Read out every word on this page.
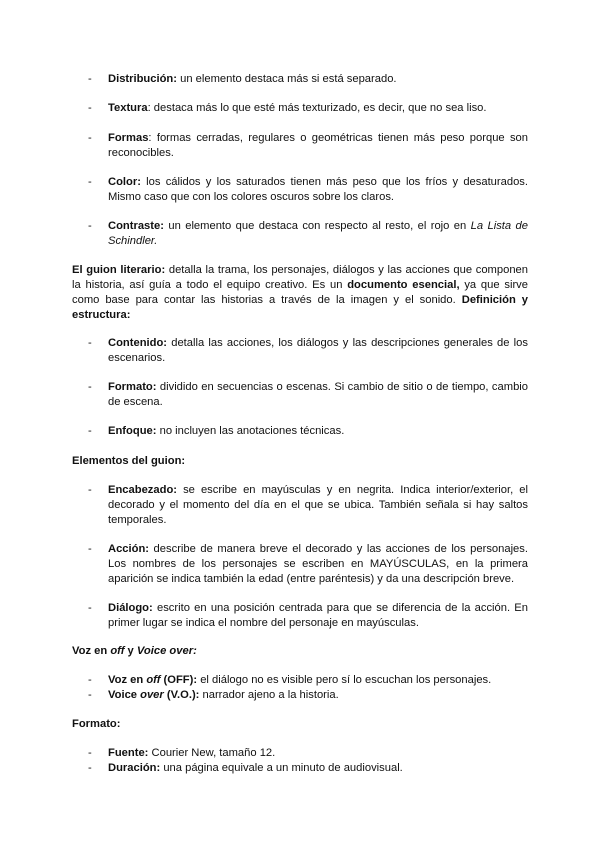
- Distribución: un elemento destaca más si está separado.
- Textura: destaca más lo que esté más texturizado, es decir, que no sea liso.
- Formas: formas cerradas, regulares o geométricas tienen más peso porque son reconocibles.
- Color: los cálidos y los saturados tienen más peso que los fríos y desaturados. Mismo caso que con los colores oscuros sobre los claros.
- Contraste: un elemento que destaca con respecto al resto, el rojo en La Lista de Schindler.

El guion literario: detalla la trama, los personajes, diálogos y las acciones que componen la historia, así guía a todo el equipo creativo. Es un documento esencial, ya que sirve como base para contar las historias a través de la imagen y el sonido. Definición y estructura:

- Contenido: detalla las acciones, los diálogos y las descripciones generales de los escenarios.
- Formato: dividido en secuencias o escenas. Si cambio de sitio o de tiempo, cambio de escena.
- Enfoque: no incluyen las anotaciones técnicas.

Elementos del guion:

- Encabezado: se escribe en mayúsculas y en negrita. Indica interior/exterior, el decorado y el momento del día en el que se ubica. También señala si hay saltos temporales.
- Acción: describe de manera breve el decorado y las acciones de los personajes. Los nombres de los personajes se escriben en MAYÚSCULAS, en la primera aparición se indica también la edad (entre paréntesis) y da una descripción breve.
- Diálogo: escrito en una posición centrada para que se diferencia de la acción. En primer lugar se indica el nombre del personaje en mayúsculas.

Voz en off y Voice over:

- Voz en off (OFF): el diálogo no es visible pero sí lo escuchan los personajes.
- Voice over (V.O.): narrador ajeno a la historia.

Formato:

- Fuente: Courier New, tamaño 12.
- Duración: una página equivale a un minuto de audiovisual.
